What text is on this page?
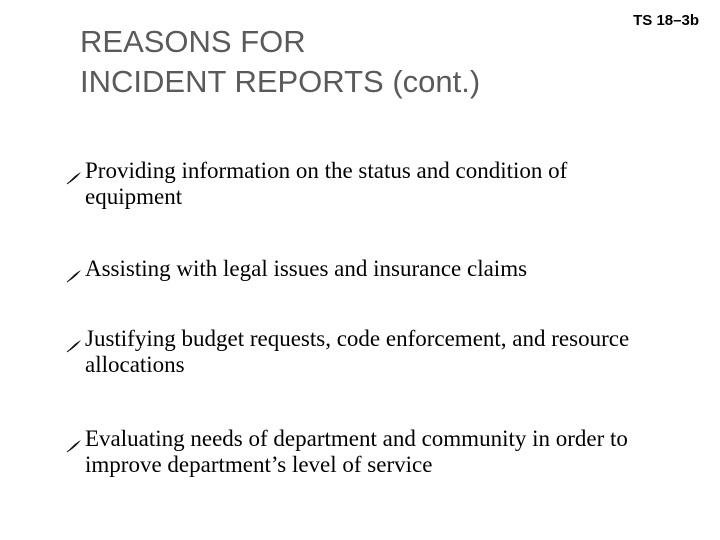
TS 18–3b
REASONS FOR
INCIDENT REPORTS (cont.)
Providing information on the status and condition of equipment
Assisting with legal issues and insurance claims
Justifying budget requests, code enforcement, and resource allocations
Evaluating needs of department and community in order to improve department’s level of service
